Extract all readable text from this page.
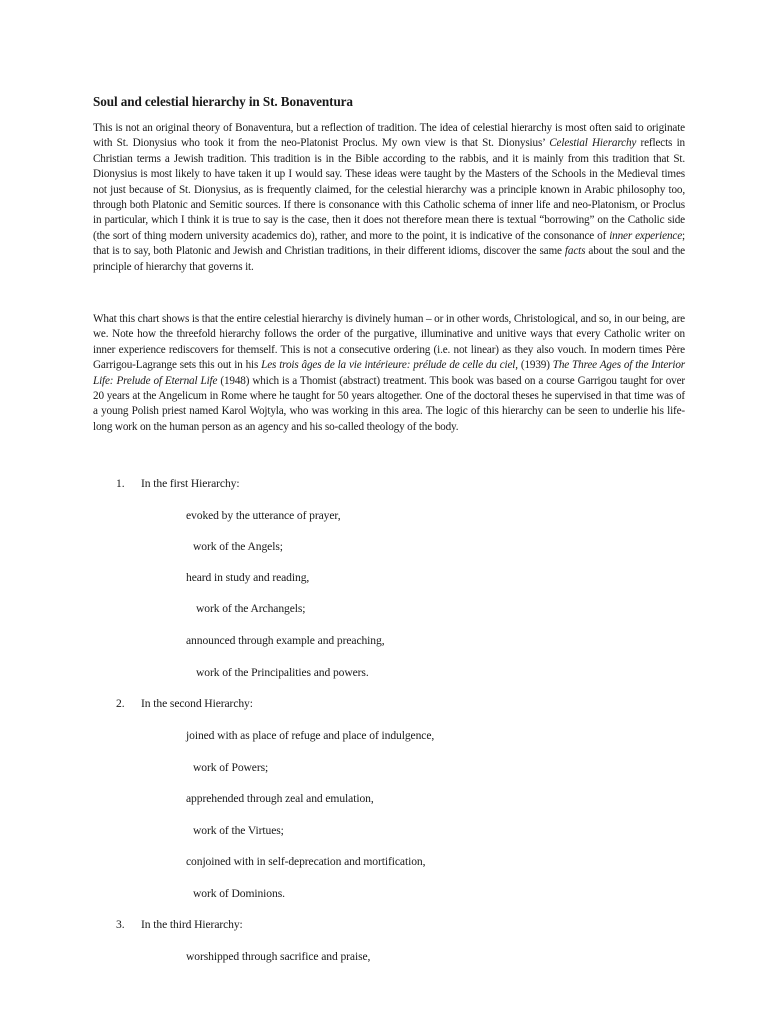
Soul and celestial hierarchy in St. Bonaventura
This is not an original theory of Bonaventura, but a reflection of tradition. The idea of celestial hierarchy is most often said to originate with St. Dionysius who took it from the neo-Platonist Proclus. My own view is that St. Dionysius’ Celestial Hierarchy reflects in Christian terms a Jewish tradition. This tradition is in the Bible according to the rabbis, and it is mainly from this tradition that St. Dionysius is most likely to have taken it up I would say. These ideas were taught by the Masters of the Schools in the Medieval times not just because of St. Dionysius, as is frequently claimed, for the celestial hierarchy was a principle known in Arabic philosophy too, through both Platonic and Semitic sources. If there is consonance with this Catholic schema of inner life and neo-Platonism, or Proclus in particular, which I think it is true to say is the case, then it does not therefore mean there is textual “borrowing” on the Catholic side (the sort of thing modern university academics do), rather, and more to the point, it is indicative of the consonance of inner experience; that is to say, both Platonic and Jewish and Christian traditions, in their different idioms, discover the same facts about the soul and the principle of hierarchy that governs it.
What this chart shows is that the entire celestial hierarchy is divinely human – or in other words, Christological, and so, in our being, are we. Note how the threefold hierarchy follows the order of the purgative, illuminative and unitive ways that every Catholic writer on inner experience rediscovers for themself. This is not a consecutive ordering (i.e. not linear) as they also vouch. In modern times Père Garrigou-Lagrange sets this out in his Les trois âges de la vie intérieure: prélude de celle du ciel, (1939) The Three Ages of the Interior Life: Prelude of Eternal Life (1948) which is a Thomist (abstract) treatment. This book was based on a course Garrigou taught for over 20 years at the Angelicum in Rome where he taught for 50 years altogether. One of the doctoral theses he supervised in that time was of a young Polish priest named Karol Wojtyla, who was working in this area. The logic of this hierarchy can be seen to underlie his life-long work on the human person as an agency and his so-called theology of the body.
1. In the first Hierarchy:
evoked by the utterance of prayer,
work of the Angels;
heard in study and reading,
work of the Archangels;
announced through example and preaching,
work of the Principalities and powers.
2. In the second Hierarchy:
joined with as place of refuge and place of indulgence,
work of Powers;
apprehended through zeal and emulation,
work of the Virtues;
conjoined with in self-deprecation and mortification,
work of Dominions.
3. In the third Hierarchy:
worshipped through sacrifice and praise,
